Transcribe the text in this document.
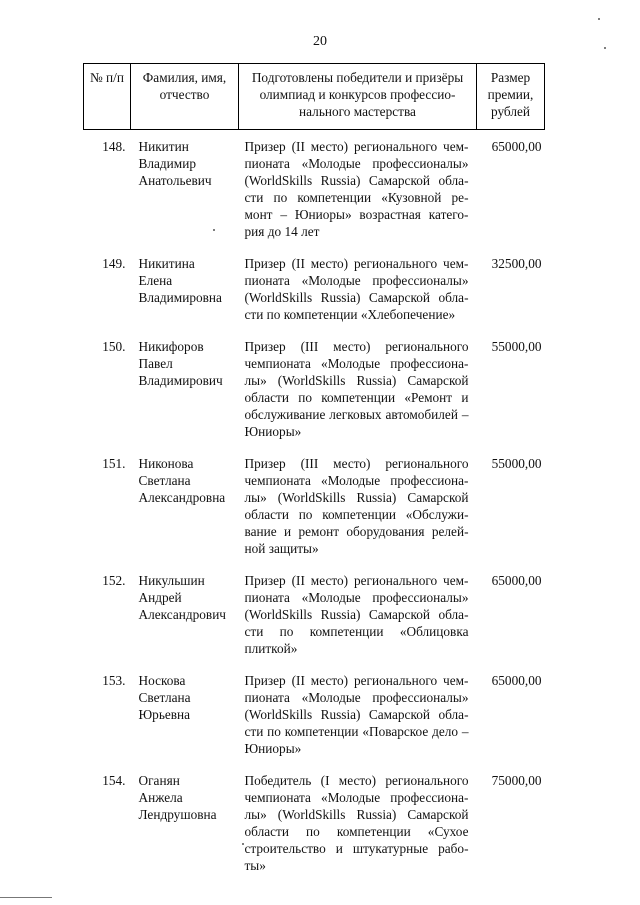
20
№ п/п	Фамилия, имя, отчество	Подготовлены победители и призёры олимпиад и конкурсов профессио-нального мастерства	Размер премии, рублей
148.	Никитин
Владимир
Анатольевич	Призер (II место) регионального чем-пионата «Молодые профессионалы» (WorldSkills Russia) Самарской обла-сти по компетенции «Кузовной ре-монт – Юниоры» возрастная катего-рия до 14 лет	65000,00
149.	Никитина
Елена
Владимировна	Призер (II место) регионального чем-пионата «Молодые профессионалы» (WorldSkills Russia) Самарской обла-сти по компетенции «Хлебопечение»	32500,00
150.	Никифоров
Павел
Владимирович	Призер (III место) регионального чемпионата «Молодые профессиона-лы» (WorldSkills Russia) Самарской области по компетенции «Ремонт и обслуживание легковых автомобилей – Юниоры»	55000,00
151.	Никонова
Светлана
Александровна	Призер (III место) регионального чемпионата «Молодые профессиона-лы» (WorldSkills Russia) Самарской области по компетенции «Обслужи-вание и ремонт оборудования релей-ной защиты»	55000,00
152.	Никульшин
Андрей
Александрович	Призер (II место) регионального чем-пионата «Молодые профессионалы» (WorldSkills Russia) Самарской обла-сти по компетенции «Облицовка плиткой»	65000,00
153.	Носкова
Светлана
Юрьевна	Призер (II место) регионального чем-пионата «Молодые профессионалы» (WorldSkills Russia) Самарской обла-сти по компетенции «Поварское дело – Юниоры»	65000,00
154.	Оганян
Анжела
Лендрушовна	Победитель (I место) регионального чемпионата «Молодые профессиона-лы» (WorldSkills Russia) Самарской области по компетенции «Сухое строительство и штукатурные рабо-ты»	75000,00
